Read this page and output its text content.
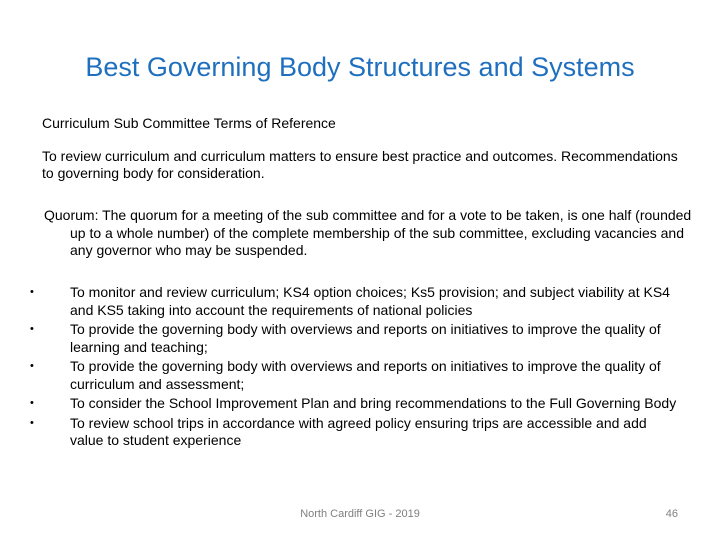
Best Governing Body Structures and Systems
Curriculum Sub Committee Terms of Reference
To review curriculum and curriculum matters to ensure best practice and outcomes. Recommendations to governing body for consideration.
Quorum: The quorum for a meeting of the sub committee and for a vote to be taken, is one half (rounded up to a whole number) of the complete membership of the sub committee, excluding vacancies and any governor who may be suspended.
•	To monitor and review curriculum; KS4 option choices; Ks5 provision; and subject viability at KS4 and KS5 taking into account the requirements of national policies
•	To provide the governing body with overviews and reports on initiatives to improve the quality of learning and teaching;
•	To provide the governing body with overviews and reports on initiatives to improve the quality of curriculum and assessment;
•	To consider the School Improvement Plan and bring recommendations to the Full Governing Body
•	To review school trips in accordance with agreed policy ensuring trips are accessible and add value to student experience
North Cardiff GIG - 2019	46
